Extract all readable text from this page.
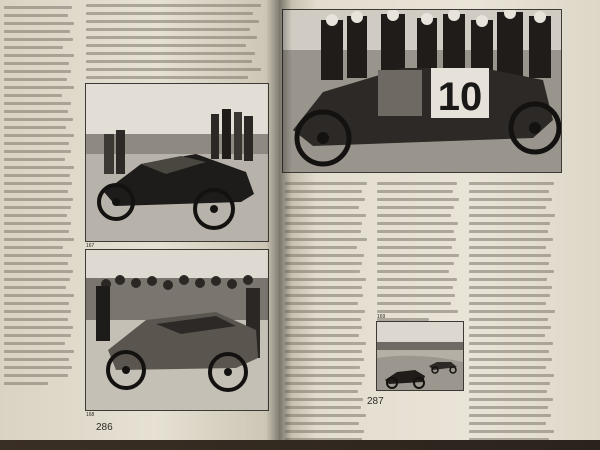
167
168
286
10
169
287
